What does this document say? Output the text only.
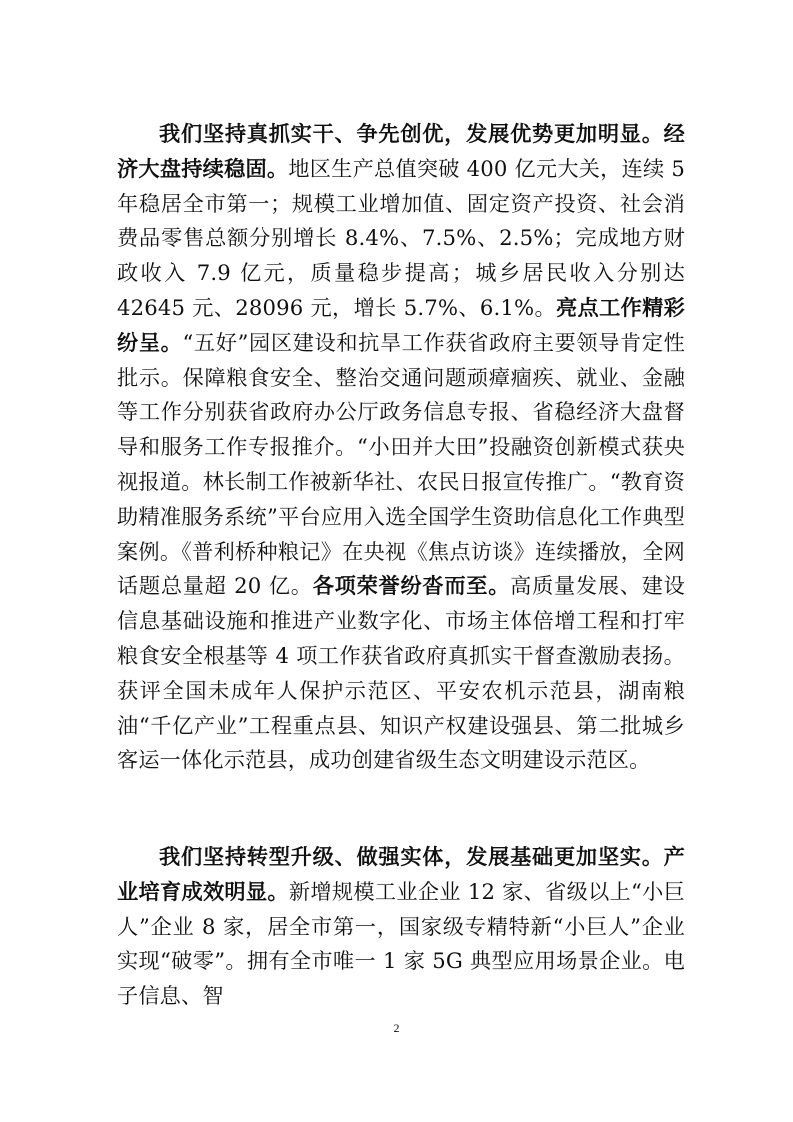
我们坚持真抓实干、争先创优，发展优势更加明显。经济大盘持续稳固。地区生产总值突破 400 亿元大关，连续 5 年稳居全市第一；规模工业增加值、固定资产投资、社会消费品零售总额分别增长 8.4%、7.5%、2.5%；完成地方财政收入 7.9 亿元，质量稳步提高；城乡居民收入分别达 42645 元、28096 元，增长 5.7%、6.1%。亮点工作精彩纷呈。“五好”园区建设和抗旱工作获省政府主要领导肯定性批示。保障粮食安全、整治交通问题顽瘴痼疾、就业、金融等工作分别获省政府办公厅政务信息专报、省稳经济大盘督导和服务工作专报推介。“小田并大田”投融资创新模式获央视报道。林长制工作被新华社、农民日报宣传推广。“教育资助精准服务系统”平台应用入选全国学生资助信息化工作典型案例。《普利桥种粮记》在央视《焦点访谈》连续播放，全网话题总量超 20 亿。各项荣誉纷沓而至。高质量发展、建设信息基础设施和推进产业数字化、市场主体倍增工程和打牢粮食安全根基等 4 项工作获省政府真抓实干督查激励表扬。获评全国未成年人保护示范区、平安农机示范县，湖南粮油“千亿产业”工程重点县、知识产权建设强县、第二批城乡客运一体化示范县，成功创建省级生态文明建设示范区。

我们坚持转型升级、做强实体，发展基础更加坚实。产业培育成效明显。新增规模工业企业 12 家、省级以上“小巨人”企业 8 家，居全市第一，国家级专精特新“小巨人”企业实现“破零”。拥有全市唯一 1 家 5G 典型应用场景企业。电子信息、智

2
